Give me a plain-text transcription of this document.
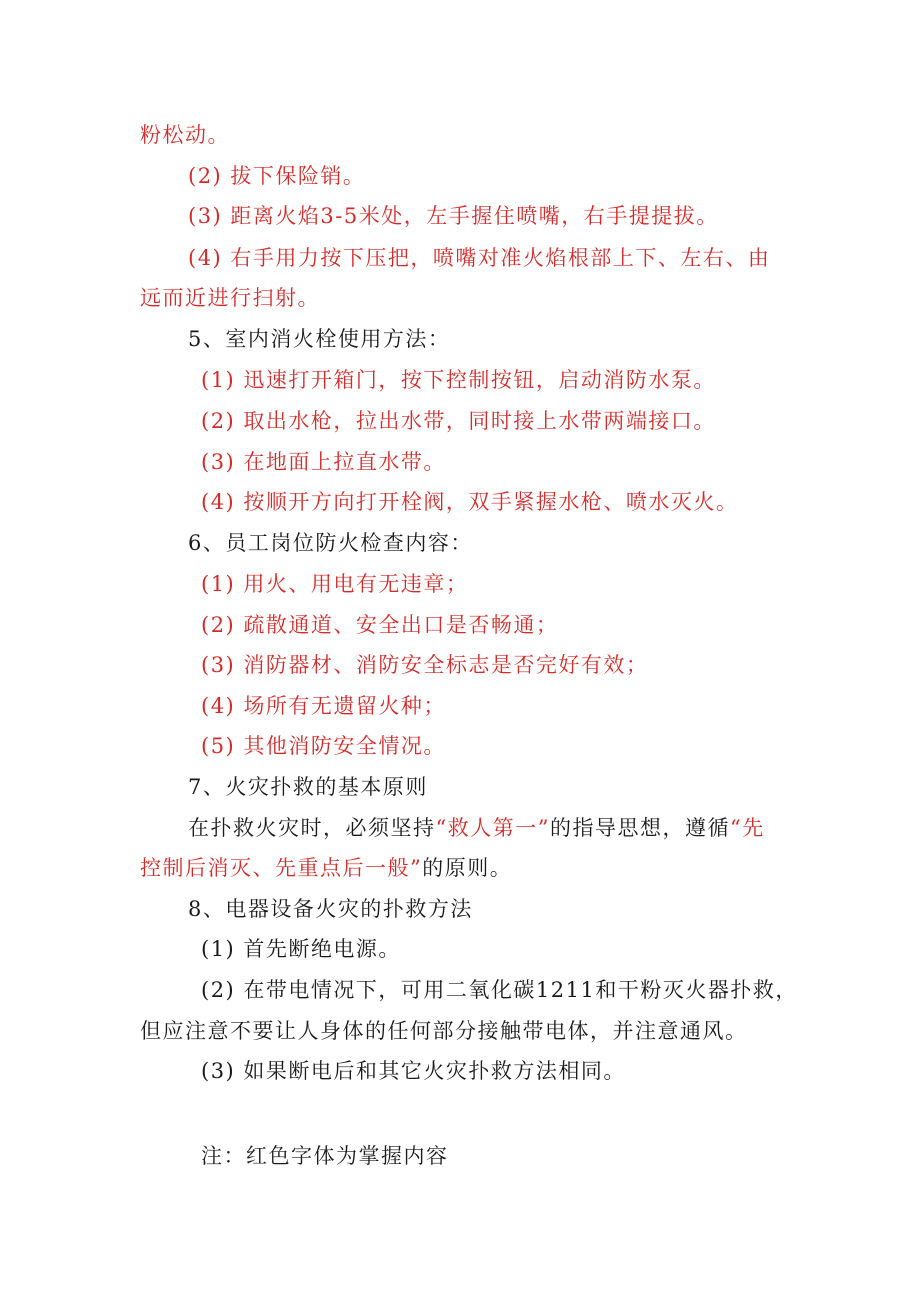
粉松动。
(2) 拔下保险销。
(3) 距离火焰3-5米处，左手握住喷嘴，右手提提拔。
(4) 右手用力按下压把，喷嘴对准火焰根部上下、左右、由
远而近进行扫射。
5、室内消火栓使用方法：
(1) 迅速打开箱门，按下控制按钮，启动消防水泵。
(2) 取出水枪，拉出水带，同时接上水带两端接口。
(3) 在地面上拉直水带。
(4) 按顺开方向打开栓阀，双手紧握水枪、喷水灭火。
6、员工岗位防火检查内容：
(1) 用火、用电有无违章；
(2) 疏散通道、安全出口是否畅通；
(3) 消防器材、消防安全标志是否完好有效；
(4) 场所有无遗留火种；
(5) 其他消防安全情况。
7、火灾扑救的基本原则
在扑救火灾时，必须坚持“救人第一”的指导思想，遵循“先
控制后消灭、先重点后一般”的原则。
8、电器设备火灾的扑救方法
(1) 首先断绝电源。
(2) 在带电情况下，可用二氧化碳1211和干粉灭火器扑救，
但应注意不要让人身体的任何部分接触带电体，并注意通风。
(3) 如果断电后和其它火灾扑救方法相同。
注：红色字体为掌握内容
